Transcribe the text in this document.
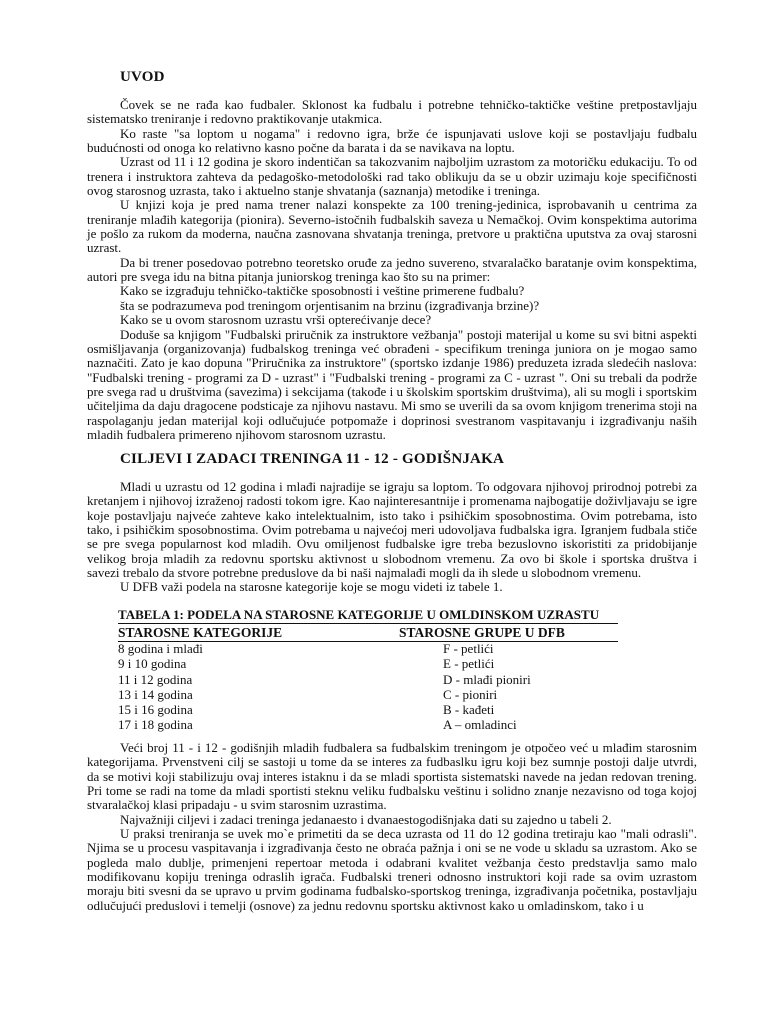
UVOD

Čovek se ne rađa kao fudbaler. Sklonost ka fudbalu i potrebne tehničko-taktičke veštine pretpostavljaju sistematsko treniranje i redovno praktikovanje utakmica.

Ko raste "sa loptom u nogama" i redovno igra, brže će ispunjavati uslove koji se postavljaju fudbalu budućnosti od onoga ko relativno kasno počne da barata i da se navikava na loptu.

Uzrast od 11 i 12 godina je skoro indentičan sa takozvanim najboljim uzrastom za motoričku edukaciju. To od trenera i instruktora zahteva da pedagoško-metodološki rad tako oblikuju da se u obzir uzimaju koje specifičnosti ovog starosnog uzrasta, tako i aktuelno stanje shvatanja (saznanja) metodike i treninga.

U knjizi koja je pred nama trener nalazi konspekte za 100 trening-jedinica, isprobavanih u centrima za treniranje mlađih kategorija (pionira). Severno-istočnih fudbalskih saveza u Nemačkoj. Ovim konspektima autorima je pošlo za rukom da moderna, naučna zasnovana shvatanja treninga, pretvore u praktična uputstva za ovaj starosni uzrast.

Da bi trener posedovao potrebno teoretsko oruđe za jedno suvereno, stvaralačko baratanje ovim konspektima, autori pre svega idu na bitna pitanja juniorskog treninga kao što su na primer:

Kako se izgrađuju tehničko-taktičke sposobnosti i veštine primerene fudbalu?

šta se podrazumeva pod treningom orjentisanim na brzinu (izgrađivanja brzine)?

Kako se u ovom starosnom uzrastu vrši opterećivanje dece?

Doduše sa knjigom "Fudbalski priručnik za instruktore vežbanja" postoji materijal u kome su svi bitni aspekti osmišljavanja (organizovanja) fudbalskog treninga već obrađeni - specifikum treninga juniora on je mogao samo naznačiti. Zato je kao dopuna "Priručnika za instruktore" (sportsko izdanje 1986) preduzeta izrada sledećih naslova: "Fudbalski trening - programi za D - uzrast" i "Fudbalski trening - programi za C - uzrast ". Oni su trebali da podrže pre svega rad u društvima (savezima) i sekcijama (takođe i u školskim sportskim društvima), ali su mogli i sportskim učiteljima da daju dragocene podsticaje za njihovu nastavu. Mi smo se uverili da sa ovom knjigom trenerima stoji na raspolaganju jedan materijal koji odlučujuće potpomaže i doprinosi svestranom vaspitavanju i izgrađivanju naših mladih fudbalera primereno njihovom starosnom uzrastu.

CILJEVI I ZADACI TRENINGA 11 - 12 - GODIŠNJAKA

Mladi u uzrastu od 12 godina i mlađi najradije se igraju sa loptom. To odgovara njihovoj prirodnoj potrebi za kretanjem i njihovoj izraženoj radosti tokom igre. Kao najinteresantnije i promenama najbogatije doživljavaju se igre koje postavljaju najveće zahteve kako intelektualnim, isto tako i psihičkim sposobnostima. Ovim potrebama, isto tako, i psihičkim sposobnostima. Ovim potrebama u najvećoj meri udovoljava fudbalska igra. Igranjem fudbala stiče se pre svega popularnost kod mladih. Ovu omiljenost fudbalske igre treba bezuslovno iskoristiti za pridobijanje velikog broja mladih za redovnu sportsku aktivnost u slobodnom vremenu. Za ovo bi škole i sportska društva i savezi trebalo da stvore potrebne preduslove da bi naši najmalađi mogli da ih slede u slobodnom vremenu.

U DFB važi podela na starosne kategorije koje se mogu videti iz tabele 1.

TABELA 1: PODELA NA STAROSNE KATEGORIJE U OMLDINSKOM UZRASTU
STAROSNE KATEGORIJE	STAROSNE GRUPE U DFB
8 godina i mlađi	F - petlići
9 i 10 godina	E - petlići
11 i 12 godina	D - mlađi pioniri
13 i 14 godina	C - pioniri
15 i 16 godina	B - kađeti
17 i 18 godina	A – omladinci

Veći broj 11 - i 12 - godišnjih mladih fudbalera sa fudbalskim treningom je otpočeo već u mlađim starosnim kategorijama. Prvenstveni cilj se sastoji u tome da se interes za fudbaslku igru koji bez sumnje postoji dalje utvrdi, da se motivi koji stabilizuju ovaj interes istaknu i da se mladi sportista sistematski navede na jedan redovan trening. Pri tome se radi na tome da mladi sportisti steknu veliku fudbalsku veštinu i solidno znanje nezavisno od toga kojoj stvaralačkoj klasi pripadaju - u svim starosnim uzrastima.

Najvažniji ciljevi i zadaci treninga jedanaesto i dvanaestogodišnjaka dati su zajedno u tabeli 2.

U praksi treniranja se uvek mo`e primetiti da se deca uzrasta od 11 do 12 godina tretiraju kao "mali odrasli". Njima se u procesu vaspitavanja i izgrađivanja često ne obraća pažnja i oni se ne vode u skladu sa uzrastom. Ako se pogleda malo dublje, primenjeni repertoar metoda i odabrani kvalitet vežbanja često predstavlja samo malo modifikovanu kopiju treninga odraslih igrača. Fudbalski treneri odnosno instruktori koji rade sa ovim uzrastom moraju biti svesni da se upravo u prvim godinama fudbalsko-sportskog treninga, izgrađivanja početnika, postavljaju odlučujući preduslovi i temelji (osnove) za jednu redovnu sportsku aktivnost kako u omladinskom, tako i u
